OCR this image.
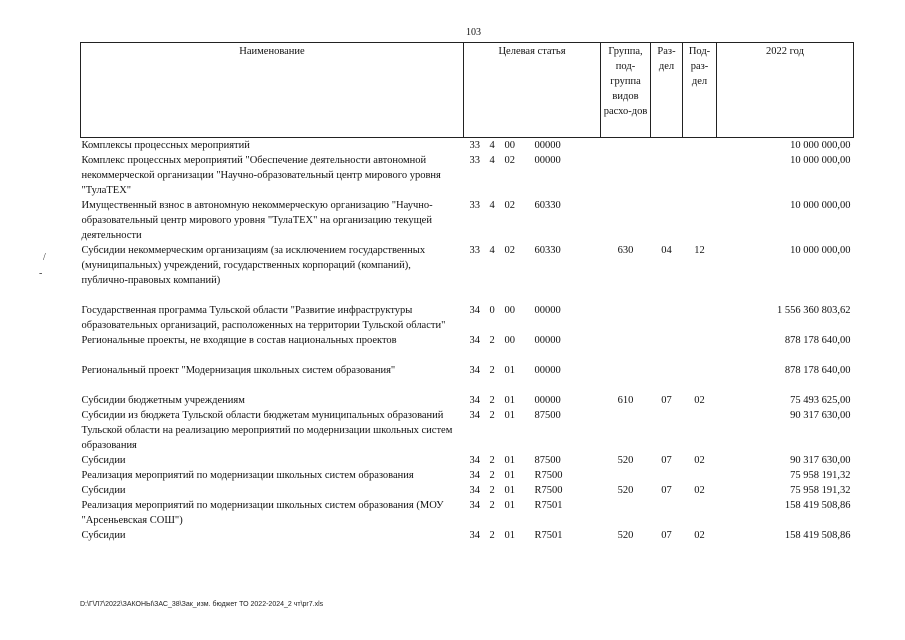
103
/
-
Наименование	Целевая статья				Группа, под-группа видов расхо-дов	Раз-дел	Под-раз-дел	2022 год
Комплексы процессных мероприятий	33	4	00	00000				10 000 000,00
Комплекс процессных мероприятий "Обеспечение деятельности автономной некоммерческой организации "Научно-образовательный центр мирового уровня "ТулаТЕХ"	33	4	02	00000				10 000 000,00
Имущественный взнос в автономную некоммерческую организацию "Научно-образовательный центр мирового уровня "ТулаТЕХ" на организацию текущей деятельности	33	4	02	60330				10 000 000,00
Субсидии некоммерческим организациям (за исключением государственных (муниципальных) учреждений, государственных корпораций (компаний), публично-правовых компаний)	33	4	02	60330	630	04	12	10 000 000,00

Государственная программа Тульской области "Развитие инфраструктуры образовательных организаций, расположенных на территории Тульской области"	34	0	00	00000				1 556 360 803,62
Региональные проекты, не входящие в состав национальных проектов	34	2	00	00000				878 178 640,00

Региональный проект "Модернизация школьных систем образования"	34	2	01	00000				878 178 640,00

Субсидии бюджетным учреждениям	34	2	01	00000	610	07	02	75 493 625,00
Субсидии из бюджета Тульской области бюджетам муниципальных образований Тульской области на реализацию мероприятий по модернизации школьных систем образования	34	2	01	87500				90 317 630,00
Субсидии	34	2	01	87500	520	07	02	90 317 630,00
Реализация мероприятий по модернизации школьных систем образования	34	2	01	R7500				75 958 191,32
Субсидии	34	2	01	R7500	520	07	02	75 958 191,32
Реализация мероприятий по модернизации школьных систем образования (МОУ "Арсеньевская СОШ")	34	2	01	R7501				158 419 508,86
Субсидии	34	2	01	R7501	520	07	02	158 419 508,86
D:\Г\Л7\2022\ЗАКОНЫ\ЗАС_38\Зак_изм. бюджет ТО 2022-2024_2 чт\pr7.xls
